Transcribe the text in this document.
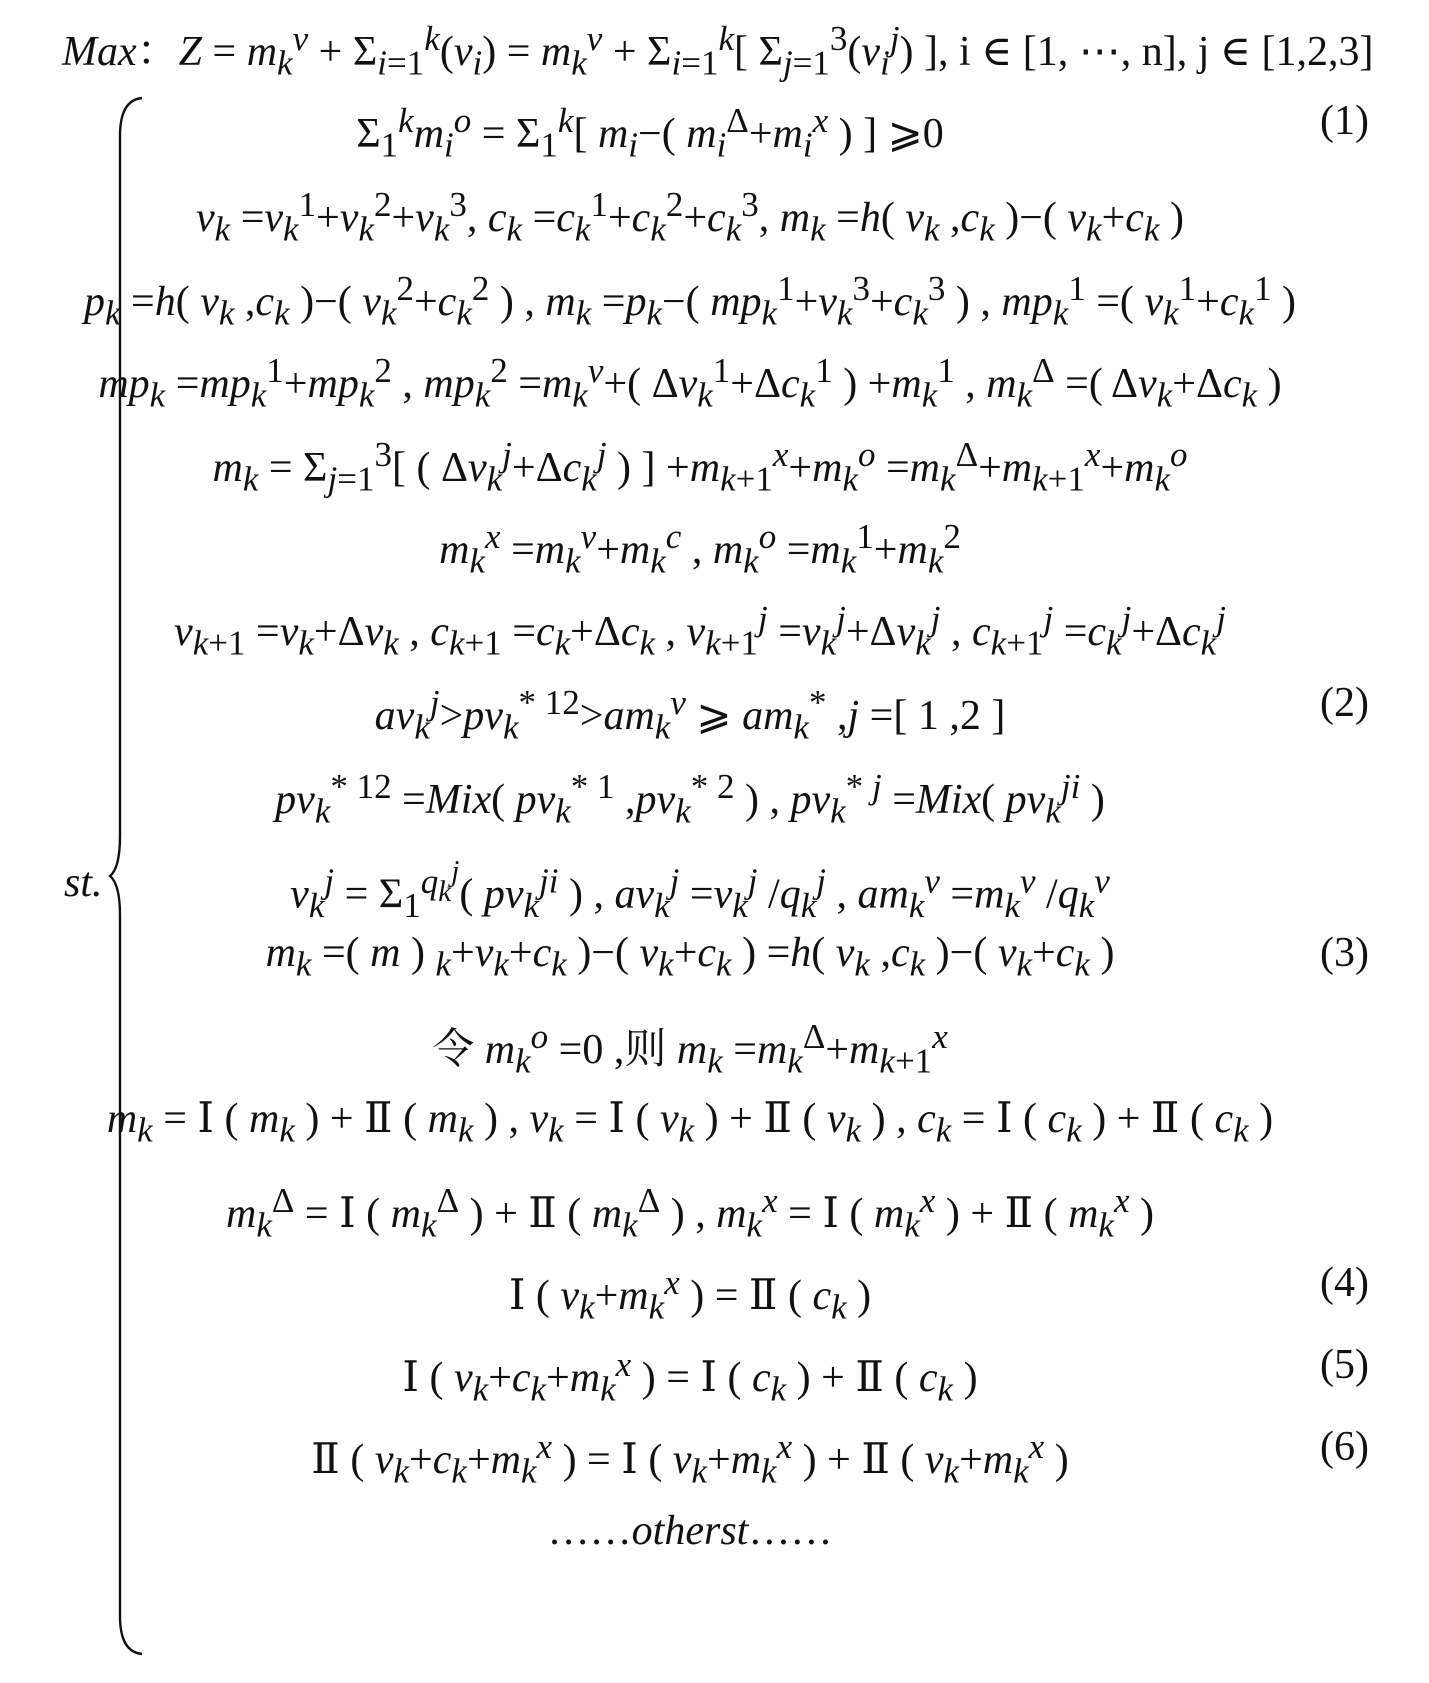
Max：$Z = m_k^v + \Sigma_{i=1}^k(v_i) = m_k^v + \Sigma_{i=1}^k$[ $\Sigma_{j=1}^3(v_i^j)$ ], i ∈ [1, ⋯, n], j ∈ [1,2,3]
st.
$\Sigma_1^km_i^o = \Sigma_1^k$[ $m_i-$( $m_i^\Delta+m_i^x$ ) ] ⩾0	(1)
$v_k =v_k^1+v_k^2+v_k^3$, $c_k =c_k^1+c_k^2+c_k^3$, $m_k =h$( $v_k$ $,c_k$ )−( $v_k+c_k$ )
$p_k =h$( $v_k$ $,c_k$ )−( $v_k^2+c_k^2$ ) , $m_k =p_k-$( $mp_k^1+v_k^3+c_k^3$ ) , $mp_k^1$ =( $v_k^1+c_k^1$ )
$mp_k =mp_k^1+mp_k^2$ , $mp_k^2 =m_k^v+$( $\Delta v_k^1+\Delta c_k^1$ ) $+m_k^1$ , $m_k^\Delta$ =( $\Delta v_k+\Delta c_k$ )
$m_k = \Sigma_{j=1}^3$[ ( $\Delta v_k^j+\Delta c_k^j$ ) ] $+m_{k+1}^x+m_k^o =m_k^\Delta+m_{k+1}^x+m_k^o$
$m_k^x =m_k^v+m_k^c$ , $m_k^o =m_k^1+m_k^2$
$v_{k+1} =v_k+\Delta v_k$ , $c_{k+1} =c_k+\Delta c_k$ , $v_{k+1}^j =v_k^j+\Delta v_k^j$ , $c_{k+1}^j =c_k^j+\Delta c_k^j$
$av_k^j>pv_k^{* 12}>am_k^v$ ⩾ $am_k^*$ ,j =[ 1 ,2 ]	(2)
$pv_k^{* 12} =Mix$( $pv_k^{* 1}$ $,pv_k^{* 2}$ ) , $pv_k^{* j} =Mix$( $pv_k^{ji}$ )
$v_k^j = \Sigma_1^{q_k^j}$( $pv_k^{ji}$ ) , $av_k^j =v_k^j$ $/q_k^j$ , $am_k^v =m_k^v$ $/q_k^v$
$m_k$ =( m ) $_k+v_k+c_k$ )−( $v_k+c_k$ ) =h( $v_k$ $,c_k$ )−( $v_k+c_k$ )	(3)
令 $m_k^o =0$ ,则 $m_k =m_k^\Delta+m_{k+1}^x$
$m_k$ = Ⅰ ( $m_k$ ) + Ⅱ ( $m_k$ ) , $v_k$ = Ⅰ ( $v_k$ ) + Ⅱ ( $v_k$ ) , $c_k$ = Ⅰ ( $c_k$ ) + Ⅱ ( $c_k$ )
$m_k^\Delta$ = Ⅰ ( $m_k^\Delta$ ) + Ⅱ ( $m_k^\Delta$ ) , $m_k^x$ = Ⅰ ( $m_k^x$ ) + Ⅱ ( $m_k^x$ )
Ⅰ ( $v_k+m_k^x$ ) = Ⅱ ( $c_k$ )	(4)
Ⅰ ( $v_k+c_k+m_k^x$ ) = Ⅰ ( $c_k$ ) + Ⅱ ( $c_k$ )	(5)
Ⅱ ( $v_k+c_k+m_k^x$ ) = Ⅰ ( $v_k+m_k^x$ ) + Ⅱ ( $v_k+m_k^x$ )	(6)
……otherst……
